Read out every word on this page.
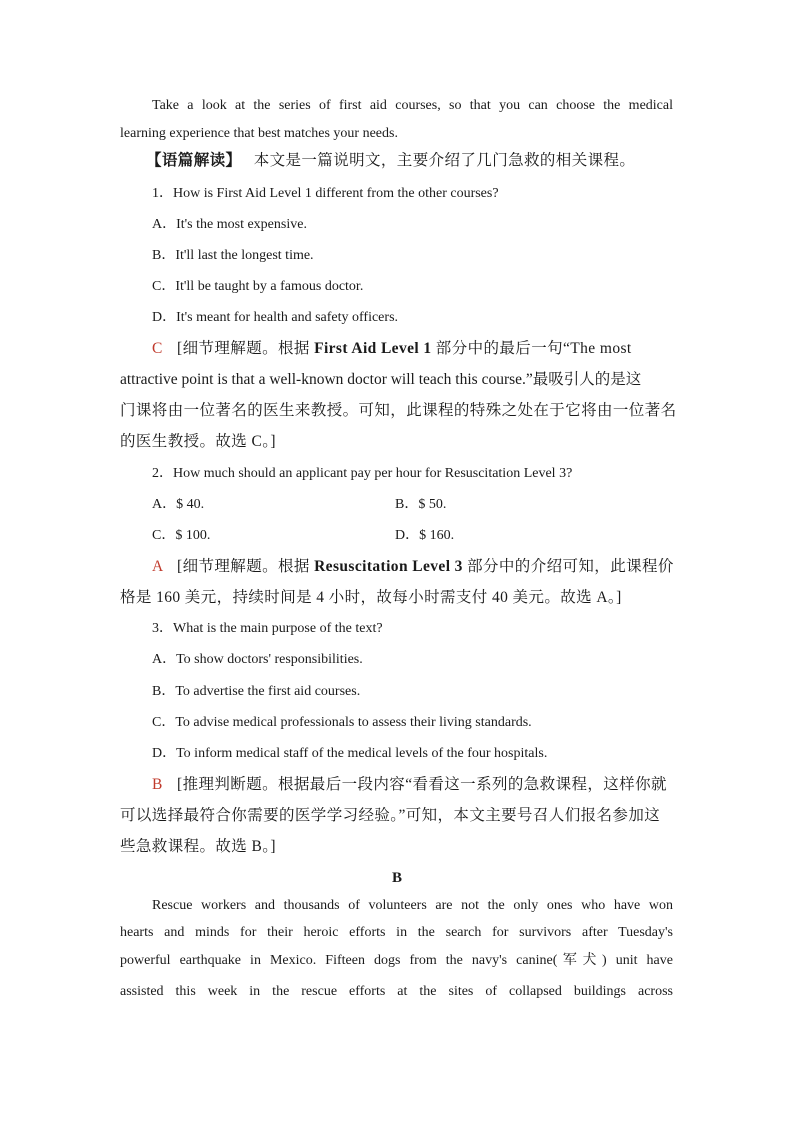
Take a look at the series of first aid courses, so that you can choose the medical
learning experience that best matches your needs.
【语篇解读】 本文是一篇说明文，主要介绍了几门急救的相关课程。
1．How is First Aid Level 1 different from the other courses?
A．It's the most expensive.
B．It'll last the longest time.
C．It'll be taught by a famous doctor.
D．It's meant for health and safety officers.
C [细节理解题。根据 First Aid Level 1 部分中的最后一句“The most
attractive point is that a well-known doctor will teach this course.”最吸引人的是这
门课将由一位著名的医生来教授。可知，此课程的特殊之处在于它将由一位著名
的医生教授。故选 C。]
2．How much should an applicant pay per hour for Resuscitation Level 3?
A．$ 40.	B．$ 50.
C．$ 100.	D．$ 160.
A [细节理解题。根据 Resuscitation Level 3 部分中的介绍可知，此课程价
格是 160 美元，持续时间是 4 小时，故每小时需支付 40 美元。故选 A。]
3．What is the main purpose of the text?
A．To show doctors' responsibilities.
B．To advertise the first aid courses.
C．To advise medical professionals to assess their living standards.
D．To inform medical staff of the medical levels of the four hospitals.
B [推理判断题。根据最后一段内容“看看这一系列的急救课程，这样你就
可以选择最符合你需要的医学学习经验。”可知，本文主要号召人们报名参加这
些急救课程。故选 B。]
B
Rescue workers and thousands of volunteers are not the only ones who have won
hearts and minds for their heroic efforts in the search for survivors after Tuesday's
powerful earthquake in Mexico. Fifteen dogs from the navy's canine(军犬) unit have
assisted this week in the rescue efforts at the sites of collapsed buildings across
